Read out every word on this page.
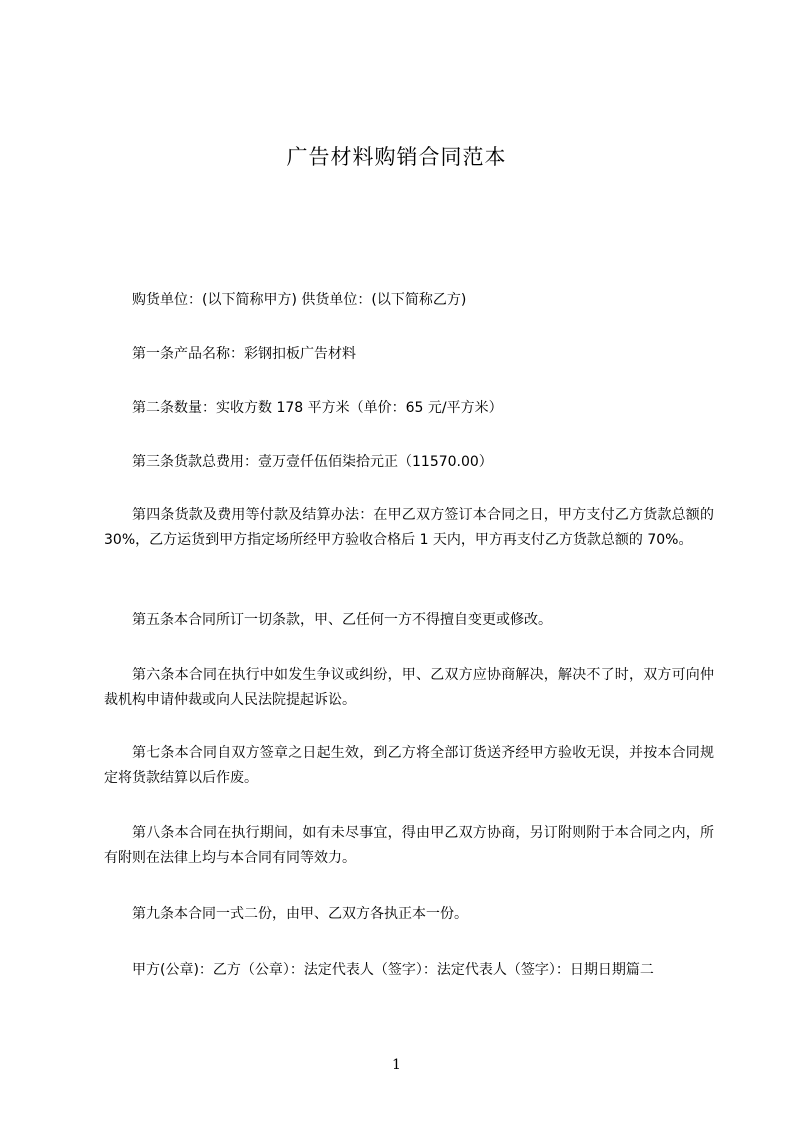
广告材料购销合同范本

购货单位：(以下简称甲方) 供货单位：(以下简称乙方)

第一条产品名称：彩钢扣板广告材料

第二条数量：实收方数 178 平方米（单价：65 元/平方米）

第三条货款总费用：壹万壹仟伍佰柒拾元正（11570.00）

第四条货款及费用等付款及结算办法：在甲乙双方签订本合同之日，甲方支付乙方货款总额的 30%，乙方运货到甲方指定场所经甲方验收合格后 1 天内，甲方再支付乙方货款总额的 70%。

第五条本合同所订一切条款，甲、乙任何一方不得擅自变更或修改。

第六条本合同在执行中如发生争议或纠纷，甲、乙双方应协商解决，解决不了时，双方可向仲裁机构申请仲裁或向人民法院提起诉讼。

第七条本合同自双方签章之日起生效，到乙方将全部订货送齐经甲方验收无误，并按本合同规定将货款结算以后作废。

第八条本合同在执行期间，如有未尽事宜，得由甲乙双方协商，另订附则附于本合同之内，所有附则在法律上均与本合同有同等效力。

第九条本合同一式二份，由甲、乙双方各执正本一份。

甲方(公章)：乙方（公章）：法定代表人（签字）：法定代表人（签字）：日期日期篇二

1
